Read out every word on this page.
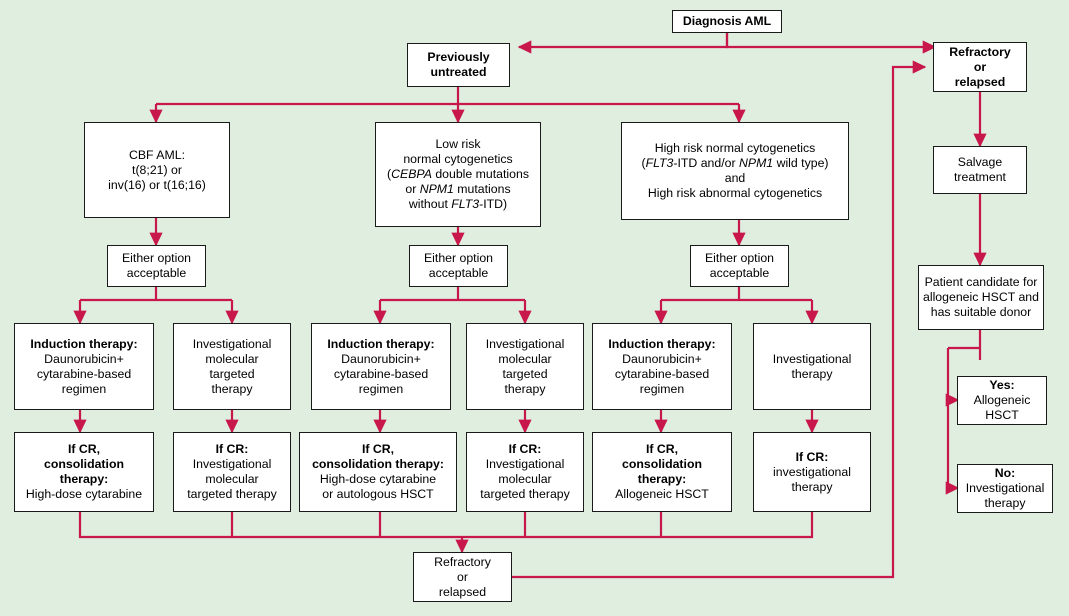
Diagnosis AML
Previously
untreated
Refractory
or
relapsed
CBF AML:
t(8;21) or
inv(16) or t(16;16)
Low risk
normal cytogenetics
(CEBPA double mutations
or NPM1 mutations
without FLT3-ITD)
High risk normal cytogenetics
(FLT3-ITD and/or NPM1 wild type)
and
High risk abnormal cytogenetics
Either option
acceptable
Either option
acceptable
Either option
acceptable
Induction therapy:
Daunorubicin+
cytarabine-based
regimen
Investigational
molecular
targeted
therapy
Induction therapy:
Daunorubicin+
cytarabine-based
regimen
Investigational
molecular
targeted
therapy
Induction therapy:
Daunorubicin+
cytarabine-based
regimen
Investigational
therapy
If CR,
consolidation
therapy:
High-dose cytarabine
If CR:
Investigational
molecular
targeted therapy
If CR,
consolidation therapy:
High-dose cytarabine
or autologous HSCT
If CR:
Investigational
molecular
targeted therapy
If CR,
consolidation
therapy:
Allogeneic HSCT
If CR:
investigational
therapy
Refractory
or
relapsed
Salvage
treatment
Patient candidate for
allogeneic HSCT and
has suitable donor
Yes:
Allogeneic
HSCT
No:
Investigational
therapy
